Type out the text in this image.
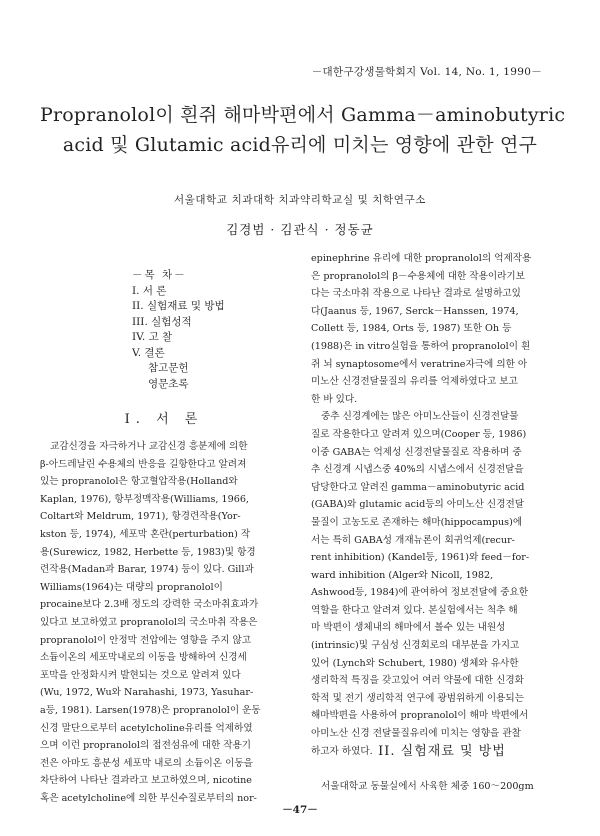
－대한구강생물학회지 Vol. 14, No. 1, 1990－
Propranolol이 흰쥐 해마박편에서 Gamma－aminobutyric
acid 및 Glutamic acid유리에 미치는 영향에 관한 연구
서울대학교 치과대학 치과약리학교실 및 치학연구소
김경범 · 김관식 · 정동균
－목 차－
I. 서 론
II. 실험재료 및 방법
III. 실험성적
IV. 고 찰
V. 결론
참고문헌
영문초록
I. 서 론
교감신경을 자극하거나 교감신경 흥분제에 의한
β-아드레날린 수용체의 반응을 길항한다고 알려져
있는 propranolol은 항고혈압작용(Holland와
Kaplan, 1976), 항부정맥작용(Williams, 1966,
Coltart와 Meldrum, 1971), 항경련작용(Yor-
kston 등, 1974), 세포막 혼란(perturbation) 작
용(Surewicz, 1982, Herbette 등, 1983)및 항경
련작용(Madan과 Barar, 1974) 등이 있다. Gill과
Williams(1964)는 대량의 propranolol이
procaine보다 2.3배 정도의 강력한 국소마취효과가
있다고 보고하였고 propranolol의 국소마취 작용은
propranolol이 안정막 전압에는 영향을 주지 않고
소듐이온의 세포막내로의 이동을 방해하여 신경세
포막을 안정화시켜 발현되는 것으로 알려져 있다
(Wu, 1972, Wu와 Narahashi, 1973, Yasuhar-
a등, 1981). Larsen(1978)은 propranolol이 운동
신경 말단으로부터 acetylcholine유리를 억제하였
으며 이런 propranolol의 접전섬유에 대한 작용기
전은 아마도 흥분성 세포막 내로의 소듐이온 이동을
차단하여 나타난 결과라고 보고하였으며, nicotine
혹은 acetylcholine에 의한 부신수질로부터의 nor-
epinephrine 유리에 대한 propranolol의 억제작용
은 propranolol의 β－수용체에 대한 작용이라기보
다는 국소마취 작용으로 나타난 결과로 설명하고있
다(Jaanus 등, 1967, Serck－Hanssen, 1974,
Collett 등, 1984, Orts 등, 1987) 또한 Oh 등
(1988)은 in vitro실험을 통하여 propranolol이 흰
쥐 뇌 synaptosome에서 veratrine자극에 의한 아
미노산 신경전달물질의 유리를 억제하였다고 보고
한 바 있다.
중추 신경계에는 많은 아미노산들이 신경전달물
질로 작용한다고 알려져 있으며(Cooper 등, 1986)
이중 GABA는 억제성 신경전달물질로 작용하며 중
추 신경계 시냅스중 40%의 시냅스에서 신경전달을
담당한다고 알려진 gamma－aminobutyric acid
(GABA)와 glutamic acid등의 아미노산 신경전달
물질이 고농도로 존재하는 해마(hippocampus)에
서는 특히 GABA성 개재뉴론이 회귀억제(recur-
rent inhibition) (Kandel등, 1961)와 feed－for-
ward inhibition (Alger와 Nicoll, 1982,
Ashwood등, 1984)에 관여하여 정보전달에 중요한
역할을 한다고 알려져 있다. 본실험에서는 척추 해
마 박편이 생체내의 해마에서 볼수 있는 내원성
(intrinsic)및 구심성 신경회로의 대부분을 가지고
있어 (Lynch와 Schubert, 1980) 생체와 유사한
생리학적 특징을 갖고있어 여러 약물에 대한 신경화
학적 및 전기 생리학적 연구에 광범위하게 이용되는
해마박편을 사용하여 propranolol이 해마 박편에서
아미노산 신경 전달물질유리에 미치는 영향을 관찰
하고자 하였다. II. 실험재료 및 방법
서울대학교 동물실에서 사육한 체중 160～200gm
－47－
